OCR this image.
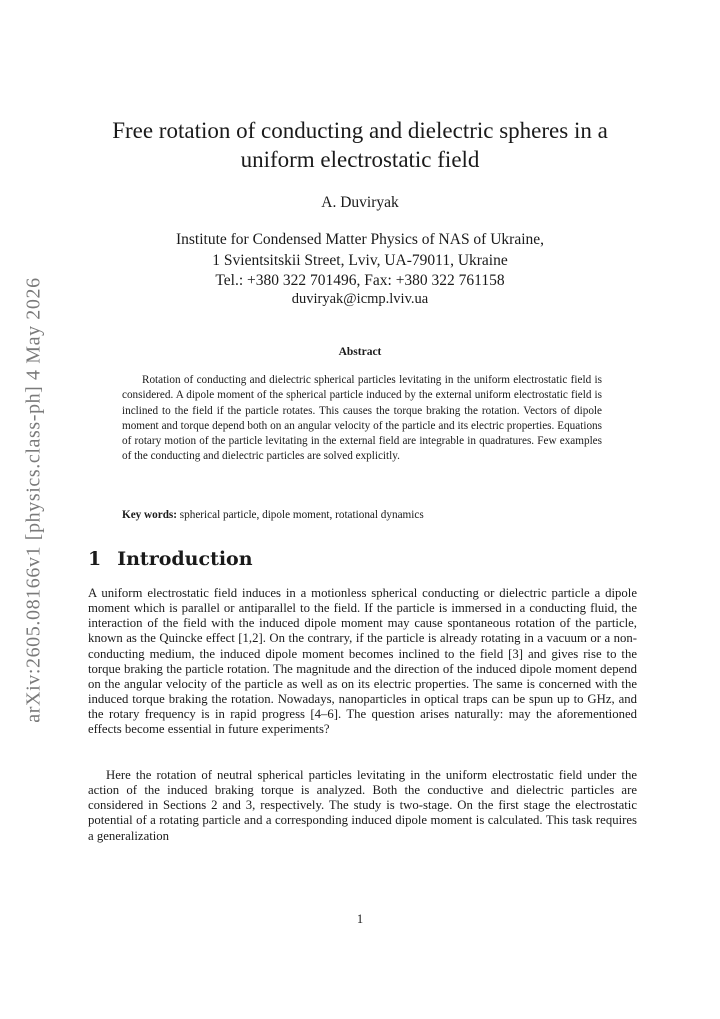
arXiv:2605.08166v1 [physics.class-ph] 4 May 2026
Free rotation of conducting and dielectric spheres in a
uniform electrostatic field
A. Duviryak
Institute for Condensed Matter Physics of NAS of Ukraine,
1 Svientsitskii Street, Lviv, UA-79011, Ukraine
Tel.: +380 322 701496, Fax: +380 322 761158
duviryak@icmp.lviv.ua
Abstract

Rotation of conducting and dielectric spherical particles levitating in the uniform electrostatic field is considered. A dipole moment of the spherical particle induced by the external uniform electrostatic field is inclined to the field if the particle rotates. This causes the torque braking the rotation. Vectors of dipole moment and torque depend both on an angular velocity of the particle and its electric properties. Equations of rotary motion of the particle levitating in the external field are integrable in quadratures. Few examples of the conducting and dielectric particles are solved explicitly.

Key words: spherical particle, dipole moment, rotational dynamics
1 Introduction

A uniform electrostatic field induces in a motionless spherical conducting or dielectric particle a dipole moment which is parallel or antiparallel to the field. If the particle is immersed in a conducting fluid, the interaction of the field with the induced dipole moment may cause spontaneous rotation of the particle, known as the Quincke effect [1,2]. On the contrary, if the particle is already rotating in a vacuum or a non-conducting medium, the induced dipole moment becomes inclined to the field [3] and gives rise to the torque braking the particle rotation. The magnitude and the direction of the induced dipole moment depend on the angular velocity of the particle as well as on its electric properties. The same is concerned with the induced torque braking the rotation. Nowadays, nanoparticles in optical traps can be spun up to GHz, and the rotary frequency is in rapid progress [4–6]. The question arises naturally: may the aforementioned effects become essential in future experiments?

Here the rotation of neutral spherical particles levitating in the uniform electrostatic field under the action of the induced braking torque is analyzed. Both the conductive and dielectric particles are considered in Sections 2 and 3, respectively. The study is two-stage. On the first stage the electrostatic potential of a rotating particle and a corresponding induced dipole moment is calculated. This task requires a generalization

1
